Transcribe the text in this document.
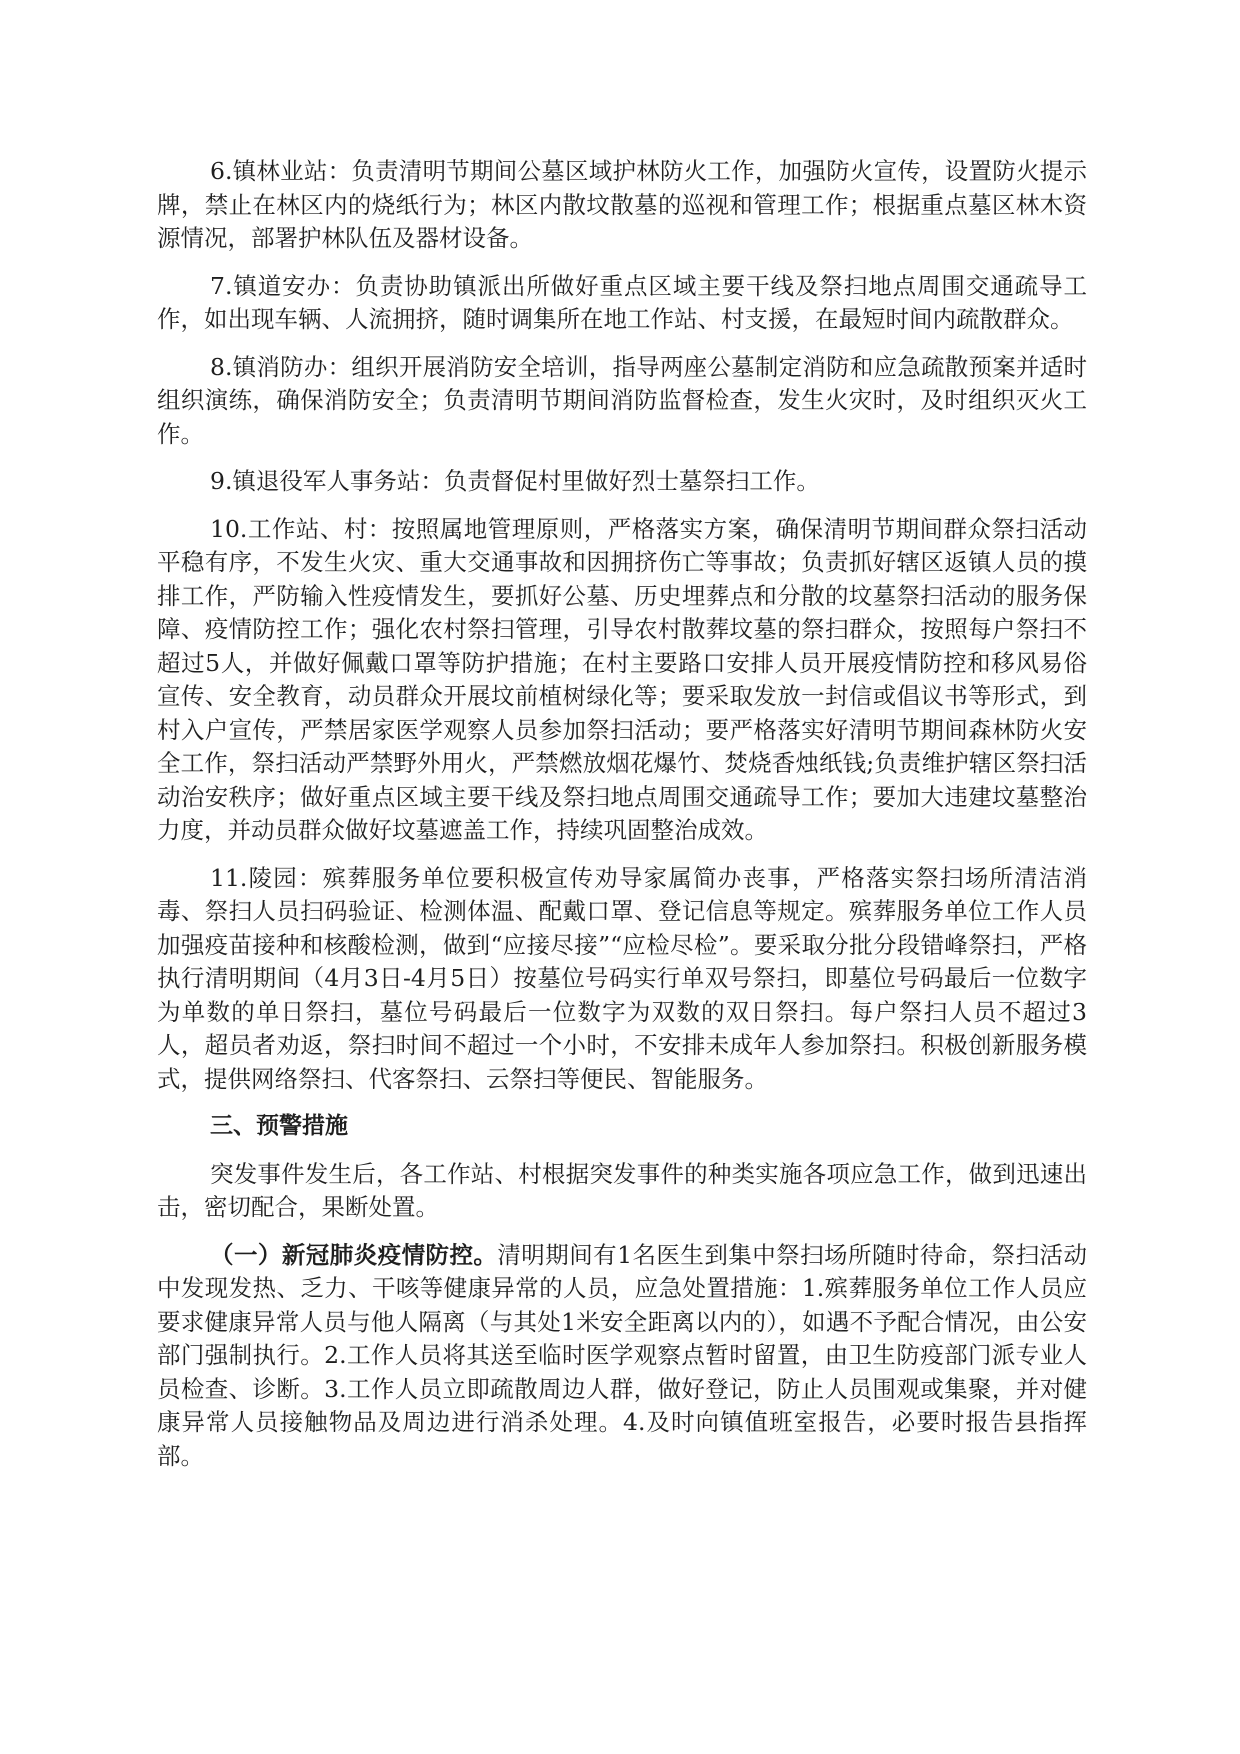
6.镇林业站：负责清明节期间公墓区域护林防火工作，加强防火宣传，设置防火提示牌，禁止在林区内的烧纸行为；林区内散坟散墓的巡视和管理工作；根据重点墓区林木资源情况，部署护林队伍及器材设备。

7.镇道安办：负责协助镇派出所做好重点区域主要干线及祭扫地点周围交通疏导工作，如出现车辆、人流拥挤，随时调集所在地工作站、村支援，在最短时间内疏散群众。

8.镇消防办：组织开展消防安全培训，指导两座公墓制定消防和应急疏散预案并适时组织演练，确保消防安全；负责清明节期间消防监督检查，发生火灾时，及时组织灭火工作。

9.镇退役军人事务站：负责督促村里做好烈士墓祭扫工作。

10.工作站、村：按照属地管理原则，严格落实方案，确保清明节期间群众祭扫活动平稳有序，不发生火灾、重大交通事故和因拥挤伤亡等事故；负责抓好辖区返镇人员的摸排工作，严防输入性疫情发生，要抓好公墓、历史埋葬点和分散的坟墓祭扫活动的服务保障、疫情防控工作；强化农村祭扫管理，引导农村散葬坟墓的祭扫群众，按照每户祭扫不超过5人，并做好佩戴口罩等防护措施；在村主要路口安排人员开展疫情防控和移风易俗宣传、安全教育，动员群众开展坟前植树绿化等；要采取发放一封信或倡议书等形式，到村入户宣传，严禁居家医学观察人员参加祭扫活动；要严格落实好清明节期间森林防火安全工作，祭扫活动严禁野外用火，严禁燃放烟花爆竹、焚烧香烛纸钱;负责维护辖区祭扫活动治安秩序；做好重点区域主要干线及祭扫地点周围交通疏导工作；要加大违建坟墓整治力度，并动员群众做好坟墓遮盖工作，持续巩固整治成效。

11.陵园：殡葬服务单位要积极宣传劝导家属简办丧事，严格落实祭扫场所清洁消毒、祭扫人员扫码验证、检测体温、配戴口罩、登记信息等规定。殡葬服务单位工作人员加强疫苗接种和核酸检测，做到“应接尽接”“应检尽检”。要采取分批分段错峰祭扫，严格执行清明期间（4月3日-4月5日）按墓位号码实行单双号祭扫，即墓位号码最后一位数字为单数的单日祭扫，墓位号码最后一位数字为双数的双日祭扫。每户祭扫人员不超过3人，超员者劝返，祭扫时间不超过一个小时，不安排未成年人参加祭扫。积极创新服务模式，提供网络祭扫、代客祭扫、云祭扫等便民、智能服务。

三、预警措施

突发事件发生后，各工作站、村根据突发事件的种类实施各项应急工作，做到迅速出击，密切配合，果断处置。

（一）新冠肺炎疫情防控。清明期间有1名医生到集中祭扫场所随时待命，祭扫活动中发现发热、乏力、干咳等健康异常的人员，应急处置措施：1.殡葬服务单位工作人员应要求健康异常人员与他人隔离（与其处1米安全距离以内的），如遇不予配合情况，由公安部门强制执行。2.工作人员将其送至临时医学观察点暂时留置，由卫生防疫部门派专业人员检查、诊断。3.工作人员立即疏散周边人群，做好登记，防止人员围观或集聚，并对健康异常人员接触物品及周边进行消杀处理。4.及时向镇值班室报告，必要时报告县指挥部。
